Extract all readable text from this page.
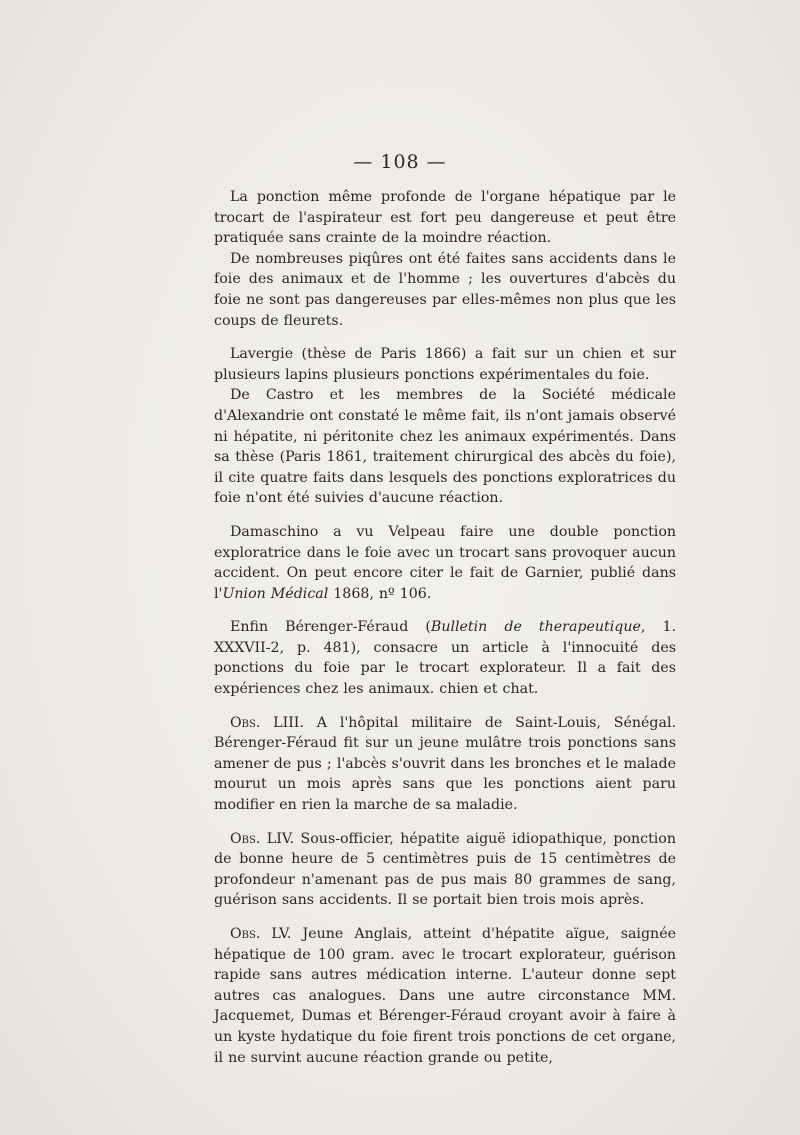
— 108 —

La ponction même profonde de l'organe hépatique par le trocart de l'aspirateur est fort peu dangereuse et peut être pratiquée sans crainte de la moindre réaction.

De nombreuses piqûres ont été faites sans accidents dans le foie des animaux et de l'homme ; les ouvertures d'abcès du foie ne sont pas dangereuses par elles-mêmes non plus que les coups de fleurets.

Lavergie (thèse de Paris 1866) a fait sur un chien et sur plusieurs lapins plusieurs ponctions expérimentales du foie.

De Castro et les membres de la Société médicale d'Alexandrie ont constaté le même fait, ils n'ont jamais observé ni hépatite, ni péritonite chez les animaux expérimentés. Dans sa thèse (Paris 1861, traitement chirurgical des abcès du foie), il cite quatre faits dans lesquels des ponctions exploratrices du foie n'ont été suivies d'aucune réaction.

Damaschino a vu Velpeau faire une double ponction exploratrice dans le foie avec un trocart sans provoquer aucun accident. On peut encore citer le fait de Garnier, publié dans l'Union Médical 1868, nº 106.

Enfin Bérenger-Féraud (Bulletin de therapeutique, 1. XXXVII-2, p. 481), consacre un article à l'innocuité des ponctions du foie par le trocart explorateur. Il a fait des expériences chez les animaux. chien et chat.

Obs. LIII. A l'hôpital militaire de Saint-Louis, Sénégal. Bérenger-Féraud fit sur un jeune mulâtre trois ponctions sans amener de pus ; l'abcès s'ouvrit dans les bronches et le malade mourut un mois après sans que les ponctions aient paru modifier en rien la marche de sa maladie.

Obs. LIV. Sous-officier, hépatite aiguë idiopathique, ponction de bonne heure de 5 centimètres puis de 15 centimètres de profondeur n'amenant pas de pus mais 80 grammes de sang, guérison sans accidents. Il se portait bien trois mois après.

Obs. LV. Jeune Anglais, atteint d'hépatite aïgue, saignée hépatique de 100 gram. avec le trocart explorateur, guérison rapide sans autres médication interne. L'auteur donne sept autres cas analogues. Dans une autre circonstance MM. Jacquemet, Dumas et Bérenger-Féraud croyant avoir à faire à un kyste hydatique du foie firent trois ponctions de cet organe, il ne survint aucune réaction grande ou petite,
